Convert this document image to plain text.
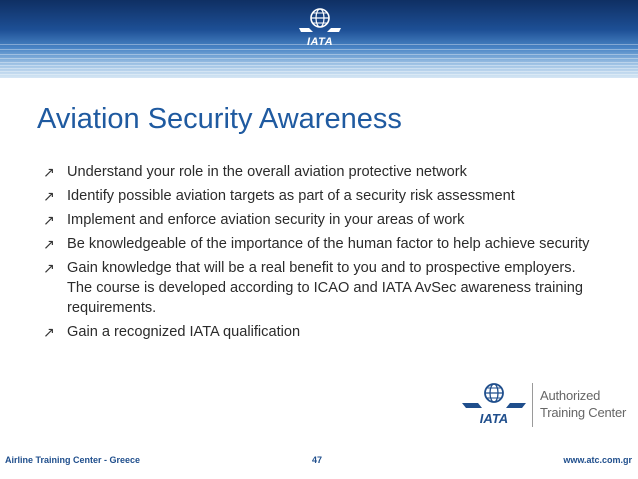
IATA
Aviation Security Awareness
↗ Understand your role in the overall aviation protective network
↗ Identify possible aviation targets as part of a security risk assessment
↗ Implement and enforce aviation security in your areas of work
↗ Be knowledgeable of the importance of the human factor to help achieve security
↗ Gain knowledge that will be a real benefit to you and to prospective employers. The course is developed according to ICAO and IATA AvSec awareness training requirements.
↗ Gain a recognized IATA qualification
IATA
Authorized
Training Center
Airline Training Center - Greece	47	www.atc.com.gr
